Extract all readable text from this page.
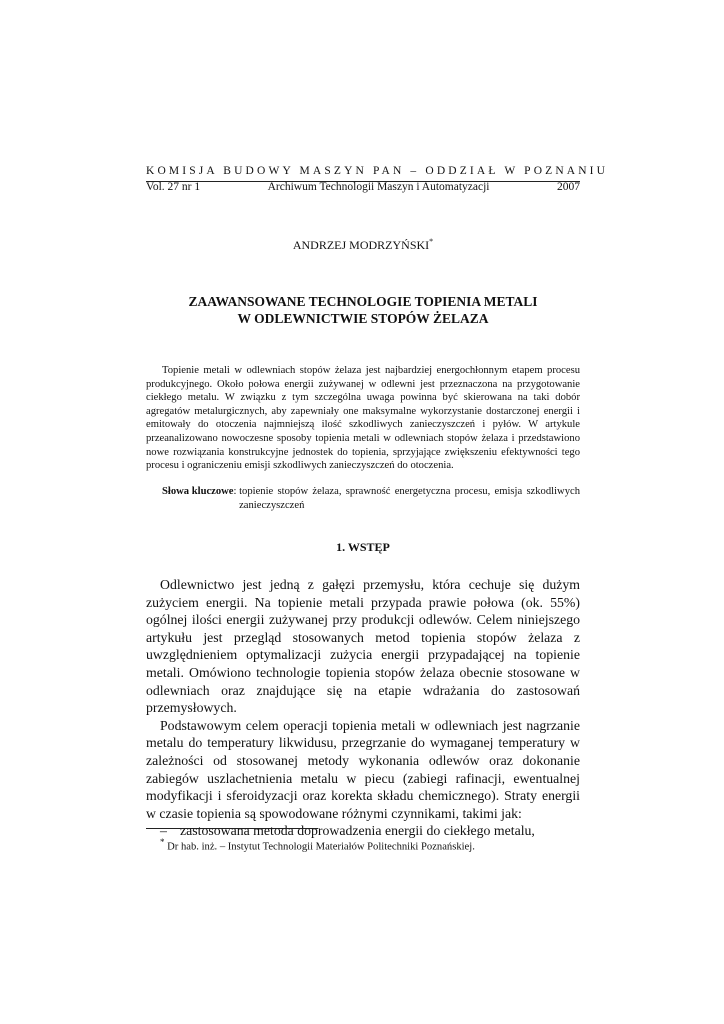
KOMISJA BUDOWY MASZYN PAN – ODDZIAŁ W POZNANIU
Vol. 27 nr 1	Archiwum Technologii Maszyn i Automatyzacji	2007
ANDRZEJ MODRZYŃSKI*
ZAAWANSOWANE TECHNOLOGIE TOPIENIA METALI
W ODLEWNICTWIE STOPÓW ŻELAZA
Topienie metali w odlewniach stopów żelaza jest najbardziej energochłonnym etapem procesu produkcyjnego. Około połowa energii zużywanej w odlewni jest przeznaczona na przygotowanie ciekłego metalu. W związku z tym szczególna uwaga powinna być skierowana na taki dobór agregatów metalurgicznych, aby zapewniały one maksymalne wykorzystanie dostarczonej energii i emitowały do otoczenia najmniejszą ilość szkodliwych zanieczyszczeń i pyłów. W artykule przeanalizowano nowoczesne sposoby topienia metali w odlewniach stopów żelaza i przedstawiono nowe rozwiązania konstrukcyjne jednostek do topienia, sprzyjające zwiększeniu efektywności tego procesu i ograniczeniu emisji szkodliwych zanieczyszczeń do otoczenia.
Słowa kluczowe : topienie stopów żelaza, sprawność energetyczna procesu, emisja szkodliwych zanieczyszczeń
1. WSTĘP

Odlewnictwo jest jedną z gałęzi przemysłu, która cechuje się dużym zużyciem energii. Na topienie metali przypada prawie połowa (ok. 55%) ogólnej ilości energii zużywanej przy produkcji odlewów. Celem niniejszego artykułu jest przegląd stosowanych metod topienia stopów żelaza z uwzględnieniem optymalizacji zużycia energii przypadającej na topienie metali. Omówiono technologie topienia stopów żelaza obecnie stosowane w odlewniach oraz znajdujące się na etapie wdrażania do zastosowań przemysłowych.

Podstawowym celem operacji topienia metali w odlewniach jest nagrzanie metalu do temperatury likwidusu, przegrzanie do wymaganej temperatury w zależności od stosowanej metody wykonania odlewów oraz dokonanie zabiegów uszlachetnienia metalu w piecu (zabiegi rafinacji, ewentualnej modyfikacji i sferoidyzacji oraz korekta składu chemicznego). Straty energii w czasie topienia są spowodowane różnymi czynnikami, takimi jak:

– zastosowana metoda doprowadzenia energii do ciekłego metalu,
* Dr hab. inż. – Instytut Technologii Materiałów Politechniki Poznańskiej.
